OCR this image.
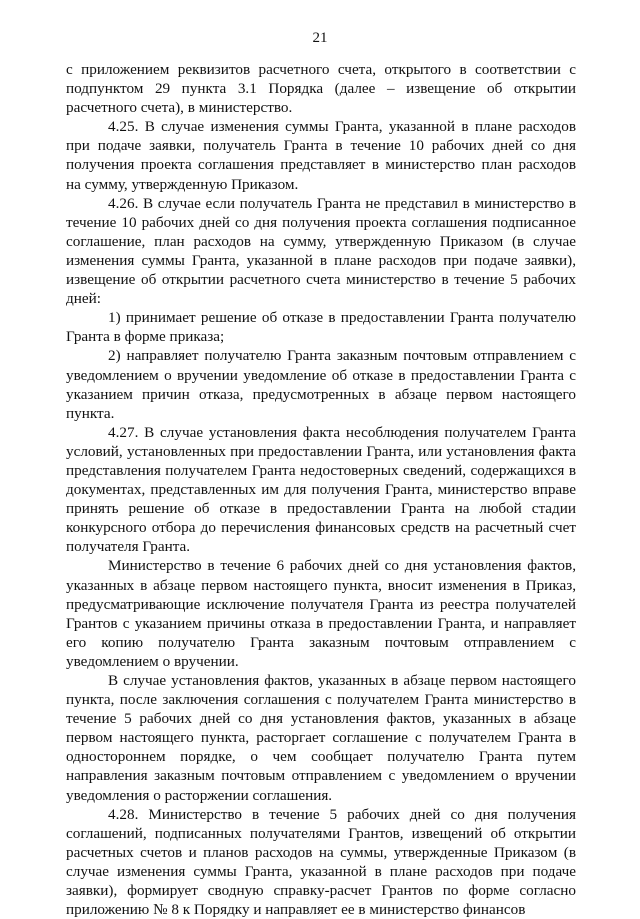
21

с приложением реквизитов расчетного счета, открытого в соответствии с подпунктом 29 пункта 3.1 Порядка (далее – извещение об открытии расчетного счета), в министерство.

4.25. В случае изменения суммы Гранта, указанной в плане расходов при подаче заявки, получатель Гранта в течение 10 рабочих дней со дня получения проекта соглашения представляет в министерство план расходов на сумму, утвержденную Приказом.

4.26. В случае если получатель Гранта не представил в министерство в течение 10 рабочих дней со дня получения проекта соглашения подписанное соглашение, план расходов на сумму, утвержденную Приказом (в случае изменения суммы Гранта, указанной в плане расходов при подаче заявки), извещение об открытии расчетного счета министерство в течение 5 рабочих дней:

1) принимает решение об отказе в предоставлении Гранта получателю Гранта в форме приказа;

2) направляет получателю Гранта заказным почтовым отправлением с уведомлением о вручении уведомление об отказе в предоставлении Гранта с указанием причин отказа, предусмотренных в абзаце первом настоящего пункта.

4.27. В случае установления факта несоблюдения получателем Гранта условий, установленных при предоставлении Гранта, или установления факта представления получателем Гранта недостоверных сведений, содержащихся в документах, представленных им для получения Гранта, министерство вправе принять решение об отказе в предоставлении Гранта на любой стадии конкурсного отбора до перечисления финансовых средств на расчетный счет получателя Гранта.

Министерство в течение 6 рабочих дней со дня установления фактов, указанных в абзаце первом настоящего пункта, вносит изменения в Приказ, предусматривающие исключение получателя Гранта из реестра получателей Грантов с указанием причины отказа в предоставлении Гранта, и направляет его копию получателю Гранта заказным почтовым отправлением с уведомлением о вручении.

В случае установления фактов, указанных в абзаце первом настоящего пункта, после заключения соглашения с получателем Гранта министерство в течение 5 рабочих дней со дня установления фактов, указанных в абзаце первом настоящего пункта, расторгает соглашение с получателем Гранта в одностороннем порядке, о чем сообщает получателю Гранта путем направления заказным почтовым отправлением с уведомлением о вручении уведомления о расторжении соглашения.

4.28. Министерство в течение 5 рабочих дней со дня получения соглашений, подписанных получателями Грантов, извещений об открытии расчетных счетов и планов расходов на суммы, утвержденные Приказом (в случае изменения суммы Гранта, указанной в плане расходов при подаче заявки), формирует сводную справку-расчет Грантов по форме согласно приложению № 8 к Порядку и направляет ее в министерство финансов
